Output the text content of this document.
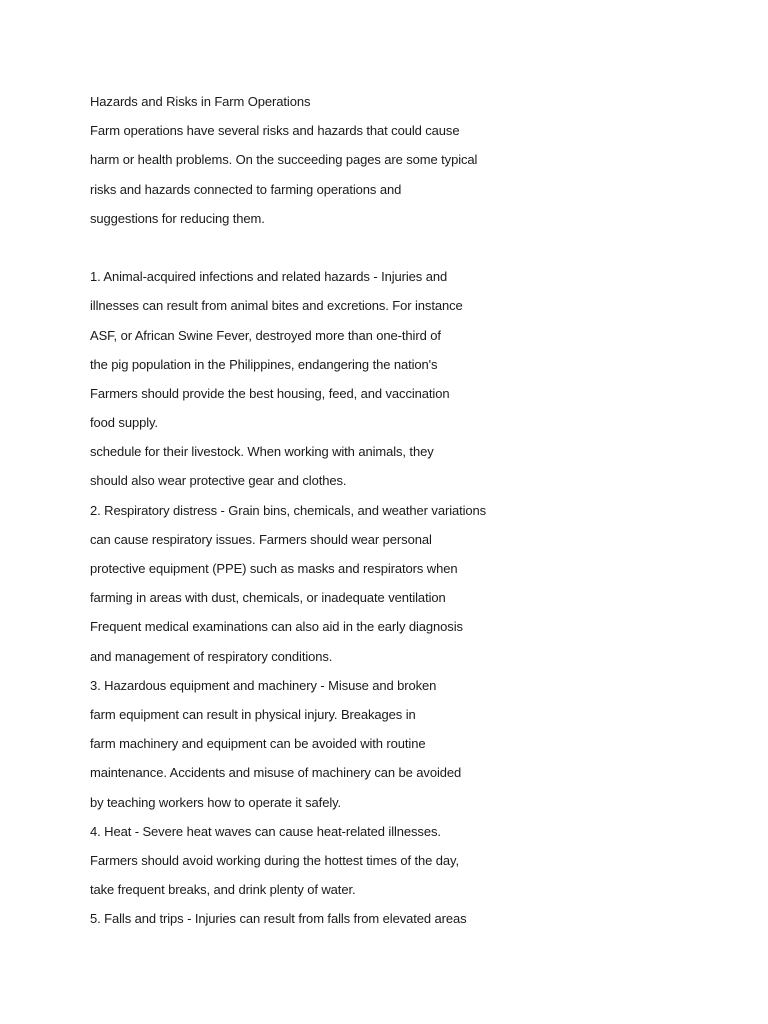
Hazards and Risks in Farm Operations
Farm operations have several risks and hazards that could cause
harm or health problems. On the succeeding pages are some typical
risks and hazards connected to farming operations and
suggestions for reducing them.
1. Animal-acquired infections and related hazards - Injuries and
illnesses can result from animal bites and excretions. For instance
ASF, or African Swine Fever, destroyed more than one-third of
the pig population in the Philippines, endangering the nation's
Farmers should provide the best housing, feed, and vaccination
food supply.
schedule for their livestock. When working with animals, they
should also wear protective gear and clothes.
2. Respiratory distress - Grain bins, chemicals, and weather variations
can cause respiratory issues. Farmers should wear personal
protective equipment (PPE) such as masks and respirators when
farming in areas with dust, chemicals, or inadequate ventilation
Frequent medical examinations can also aid in the early diagnosis
and management of respiratory conditions.
3. Hazardous equipment and machinery - Misuse and broken
farm equipment can result in physical injury. Breakages in
farm machinery and equipment can be avoided with routine
maintenance. Accidents and misuse of machinery can be avoided
by teaching workers how to operate it safely.
4. Heat - Severe heat waves can cause heat-related illnesses.
Farmers should avoid working during the hottest times of the day,
take frequent breaks, and drink plenty of water.
5. Falls and trips - Injuries can result from falls from elevated areas
